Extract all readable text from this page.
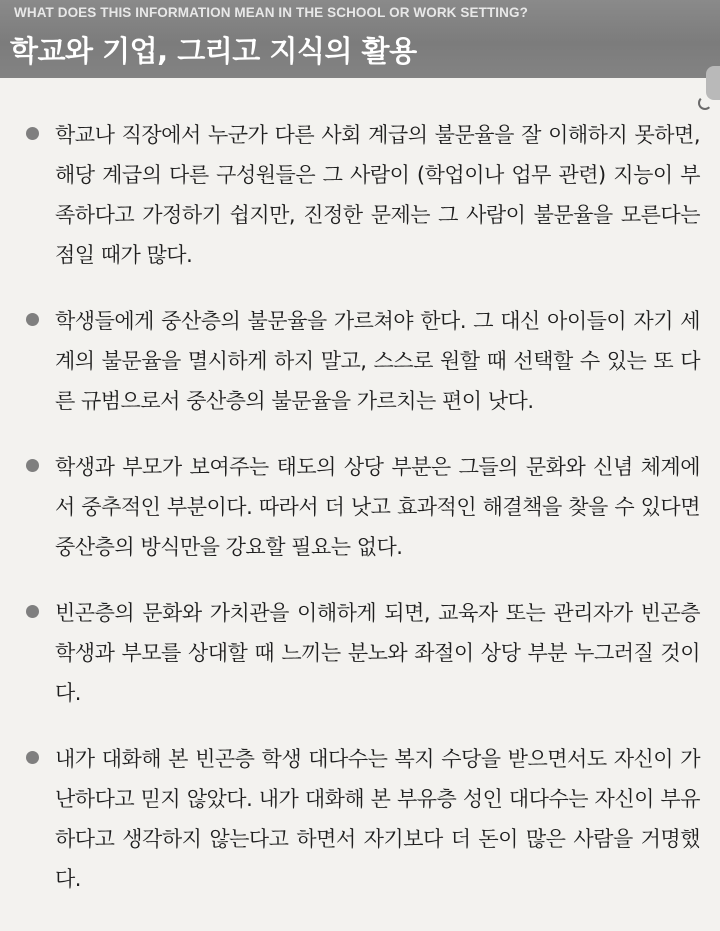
WHAT DOES THIS INFORMATION MEAN IN THE SCHOOL OR WORK SETTING?
학교와 기업, 그리고 지식의 활용
학교나 직장에서 누군가 다른 사회 계급의 불문율을 잘 이해하지 못하면, 해당 계급의 다른 구성원들은 그 사람이 (학업이나 업무 관련) 지능이 부족하다고 가정하기 쉽지만, 진정한 문제는 그 사람이 불문율을 모른다는 점일 때가 많다.
학생들에게 중산층의 불문율을 가르쳐야 한다. 그 대신 아이들이 자기 세계의 불문율을 멸시하게 하지 말고, 스스로 원할 때 선택할 수 있는 또 다른 규범으로서 중산층의 불문율을 가르치는 편이 낫다.
학생과 부모가 보여주는 태도의 상당 부분은 그들의 문화와 신념 체계에서 중추적인 부분이다. 따라서 더 낫고 효과적인 해결책을 찾을 수 있다면 중산층의 방식만을 강요할 필요는 없다.
빈곤층의 문화와 가치관을 이해하게 되면, 교육자 또는 관리자가 빈곤층 학생과 부모를 상대할 때 느끼는 분노와 좌절이 상당 부분 누그러질 것이다.
내가 대화해 본 빈곤층 학생 대다수는 복지 수당을 받으면서도 자신이 가난하다고 믿지 않았다. 내가 대화해 본 부유층 성인 대다수는 자신이 부유하다고 생각하지 않는다고 하면서 자기보다 더 돈이 많은 사람을 거명했다.
